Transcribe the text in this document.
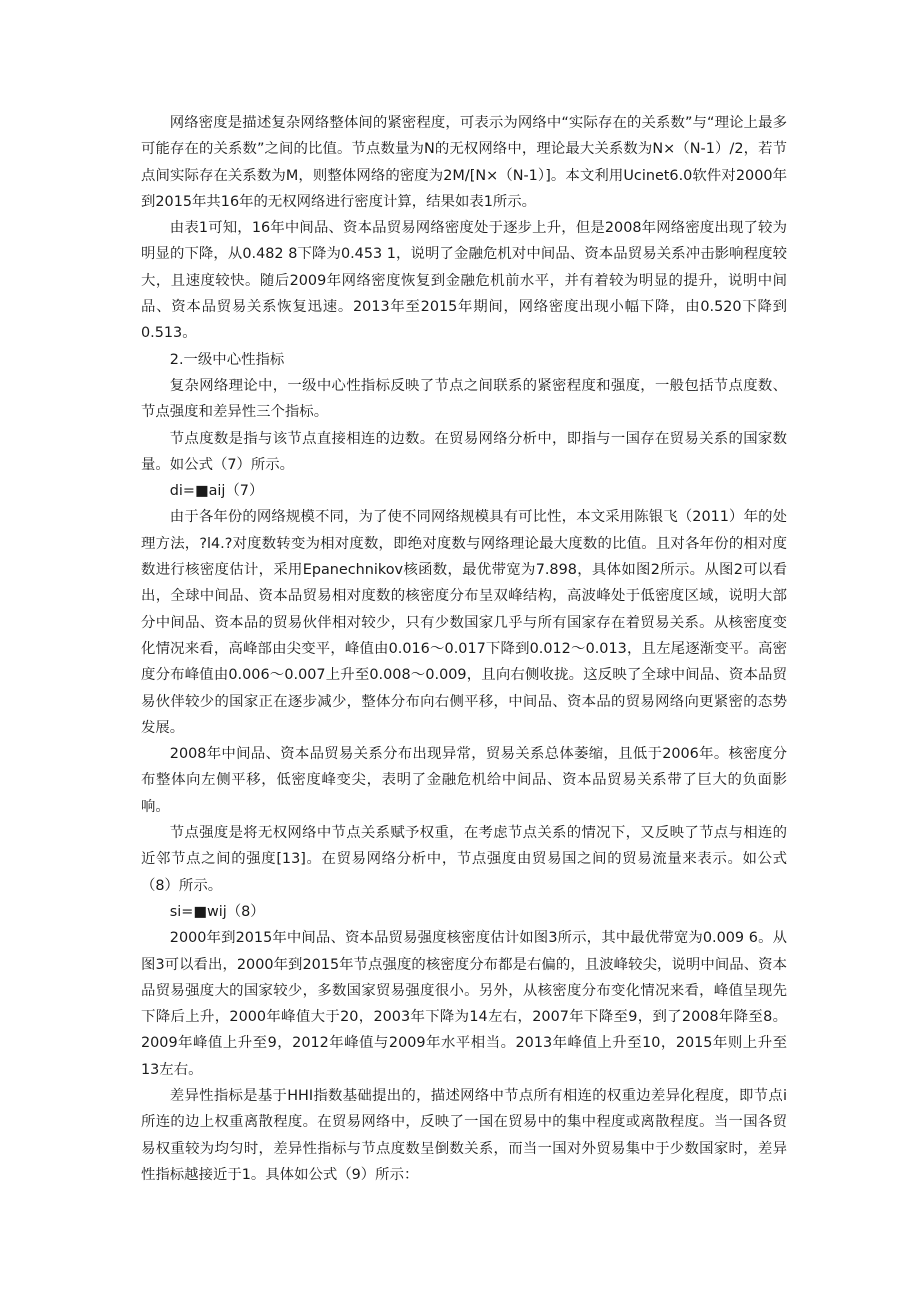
网络密度是描述复杂网络整体间的紧密程度，可表示为网络中“实际存在的关系数”与“理论上最多可能存在的关系数”之间的比值。节点数量为N的无权网络中，理论最大关系数为N×（N-1）/2，若节点间实际存在关系数为M，则整体网络的密度为2M/[N×（N-1）]。本文利用Ucinet6.0软件对2000年到2015年共16年的无权网络进行密度计算，结果如表1所示。

由表1可知，16年中间品、资本品贸易网络密度处于逐步上升，但是2008年网络密度出现了较为明显的下降，从0.482 8下降为0.453 1，说明了金融危机对中间品、资本品贸易关系冲击影响程度较大，且速度较快。随后2009年网络密度恢复到金融危机前水平，并有着较为明显的提升，说明中间品、资本品贸易关系恢复迅速。2013年至2015年期间，网络密度出现小幅下降，由0.520下降到0.513。

2.一级中心性指标

复杂网络理论中，一级中心性指标反映了节点之间联系的紧密程度和强度，一般包括节点度数、节点强度和差异性三个指标。

节点度数是指与该节点直接相连的边数。在贸易网络分析中，即指与一国存在贸易关系的国家数量。如公式（7）所示。

di=■aij（7）

由于各年份的网络规模不同，为了使不同网络规模具有可比性，本文采用陈银飞（2011）年的处理方法，?l4.?对度数转变为相对度数，即绝对度数与网络理论最大度数的比值。且对各年份的相对度数进行核密度估计，采用Epanechnikov核函数，最优带宽为7.898，具体如图2所示。从图2可以看出，全球中间品、资本品贸易相对度数的核密度分布呈双峰结构，高波峰处于低密度区域，说明大部分中间品、资本品的贸易伙伴相对较少，只有少数国家几乎与所有国家存在着贸易关系。从核密度变化情况来看，高峰部由尖变平，峰值由0.016～0.017下降到0.012～0.013，且左尾逐渐变平。高密度分布峰值由0.006～0.007上升至0.008～0.009，且向右侧收拢。这反映了全球中间品、资本品贸易伙伴较少的国家正在逐步减少，整体分布向右侧平移，中间品、资本品的贸易网络向更紧密的态势发展。

2008年中间品、资本品贸易关系分布出现异常，贸易关系总体萎缩，且低于2006年。核密度分布整体向左侧平移，低密度峰变尖，表明了金融危机给中间品、资本品贸易关系带了巨大的负面影响。

节点强度是将无权网络中节点关系赋予权重，在考虑节点关系的情况下，又反映了节点与相连的近邻节点之间的强度[13]。在贸易网络分析中，节点强度由贸易国之间的贸易流量来表示。如公式（8）所示。

si=■wij（8）

2000年到2015年中间品、资本品贸易强度核密度估计如图3所示，其中最优带宽为0.009 6。从图3可以看出，2000年到2015年节点强度的核密度分布都是右偏的，且波峰较尖，说明中间品、资本品贸易强度大的国家较少，多数国家贸易强度很小。另外，从核密度分布变化情况来看，峰值呈现先下降后上升，2000年峰值大于20，2003年下降为14左右，2007年下降至9，到了2008年降至8。2009年峰值上升至9，2012年峰值与2009年水平相当。2013年峰值上升至10，2015年则上升至13左右。

差异性指标是基于HHI指数基础提出的，描述网络中节点所有相连的权重边差异化程度，即节点i所连的边上权重离散程度。在贸易网络中，反映了一国在贸易中的集中程度或离散程度。当一国各贸易权重较为均匀时，差异性指标与节点度数呈倒数关系，而当一国对外贸易集中于少数国家时，差异性指标越接近于1。具体如公式（9）所示：
